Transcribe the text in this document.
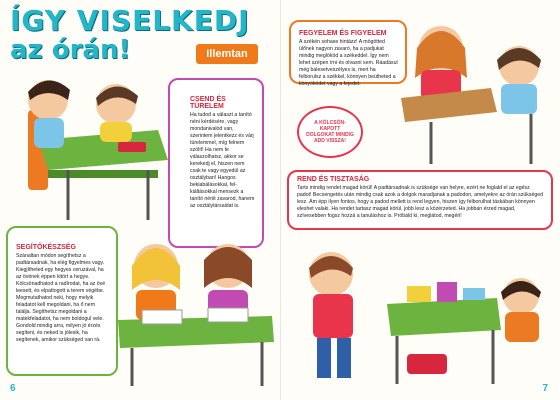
ÍGY VISELKEDJ
az órán!	Illemtan
CSEND ÉS TÜRELEM
Ha tudod a választ a tanító néni kérdésére, vagy mondanivalód van, szerintem jelentkezz és várj türelemmel, míg felnem szólít! Ha nem te válaszolhatsz, akkor se kerekedj el, hiszen nem csak te vagy egyedül az osztályban! Hangos bekiabálásokkal, fel-kiáltásokkal mensezk a tanító nénit zavarod, hanem az osztálytársaidat is.
SEGÍTŐKÉSZSÉG
Szánaltan módon segíthetsz a padtársadnak, ha elég figyelmes vagy. Kiegjítheted egy hegyes ceruzával, ha az övének éppen kitört a hegye. Kölcsönadhatod a radírodat, ha az övé leesett, és elpattogott a terem végébe. Megmutathatod neki, hogy melyik feladatot kell megoldani, ha ő nem találja. Segíthetsz megoldani a matekfeladatot, ha nem boldogul vele. Gondold mindig arra, milyen jó érzés segíteni, és neked is jólesik, ha segítenek, amikor szükséged van rá.
6
FEGYELEM ÉS FIGYELEM
A székén sohase hintázz! A mögötted ülőnek nagyon zavaró, ha a padjukat mindig meglököd a székeddel. Így nem lehet szépen írni és olvasni sem. Ráadásul még balesetveszélyes is, mert ha felborulsz a székkel, könnyen beütheted a könyöködet vagy a fejedet.
A KÖLCSÖN-KAPOTT DOLGOKAT MINDIG ADD VISSZA!
REND ÉS TISZTASÁG
Tarts mindig rendet magad körül! A padtársadnak is szüksége van helyre, ezért ne foglald el az egész padot! Becsengetés után mindig csak azok a dolgok maradjanak a padodon, amelyekre az órán szükséged lesz. Ám épp ilyen fontos, hogy a padod mellett is rend legyen, hiszen így felborulhat táskában könnyen eleshet valaki. Ha rendet tartasz magad körül, jobb lesz a közérzeted. Ha jobban érzed magad, szívesebben fogsz hozzá a tanuláshoz is. Próbáld ki, meglátod, megéri!
7
